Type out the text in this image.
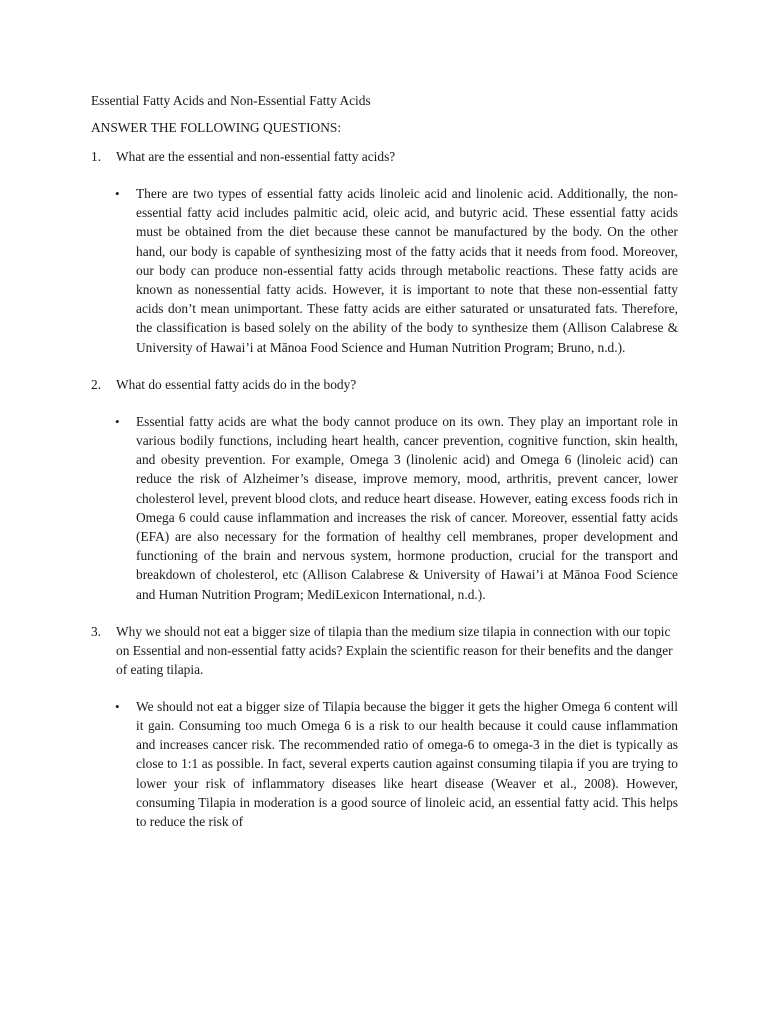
Essential Fatty Acids and Non-Essential Fatty Acids
ANSWER THE FOLLOWING QUESTIONS:
1.	What are the essential and non-essential fatty acids?
•	There are two types of essential fatty acids linoleic acid and linolenic acid. Additionally, the non-essential fatty acid includes palmitic acid, oleic acid, and butyric acid. These essential fatty acids must be obtained from the diet because these cannot be manufactured by the body. On the other hand, our body is capable of synthesizing most of the fatty acids that it needs from food. Moreover, our body can produce non-essential fatty acids through metabolic reactions. These fatty acids are known as nonessential fatty acids. However, it is important to note that these non-essential fatty acids don’t mean unimportant. These fatty acids are either saturated or unsaturated fats. Therefore, the classification is based solely on the ability of the body to synthesize them (Allison Calabrese & University of Hawai’i at Mānoa Food Science and Human Nutrition Program; Bruno, n.d.).

2.	What do essential fatty acids do in the body?
•	Essential fatty acids are what the body cannot produce on its own. They play an important role in various bodily functions, including heart health, cancer prevention, cognitive function, skin health, and obesity prevention. For example, Omega 3 (linolenic acid) and Omega 6 (linoleic acid) can reduce the risk of Alzheimer’s disease, improve memory, mood, arthritis, prevent cancer, lower cholesterol level, prevent blood clots, and reduce heart disease. However, eating excess foods rich in Omega 6 could cause inflammation and increases the risk of cancer. Moreover, essential fatty acids (EFA) are also necessary for the formation of healthy cell membranes, proper development and functioning of the brain and nervous system, hormone production, crucial for the transport and breakdown of cholesterol, etc (Allison Calabrese & University of Hawai’i at Mānoa Food Science and Human Nutrition Program; MediLexicon International, n.d.).

3.	Why we should not eat a bigger size of tilapia than the medium size tilapia in connection with our topic on Essential and non-essential fatty acids? Explain the scientific reason for their benefits and the danger of eating tilapia.
•	We should not eat a bigger size of Tilapia because the bigger it gets the higher Omega 6 content will it gain. Consuming too much Omega 6 is a risk to our health because it could cause inflammation and increases cancer risk. The recommended ratio of omega-6 to omega-3 in the diet is typically as close to 1:1 as possible. In fact, several experts caution against consuming tilapia if you are trying to lower your risk of inflammatory diseases like heart disease (Weaver et al., 2008). However, consuming Tilapia in moderation is a good source of linoleic acid, an essential fatty acid. This helps to reduce the risk of
